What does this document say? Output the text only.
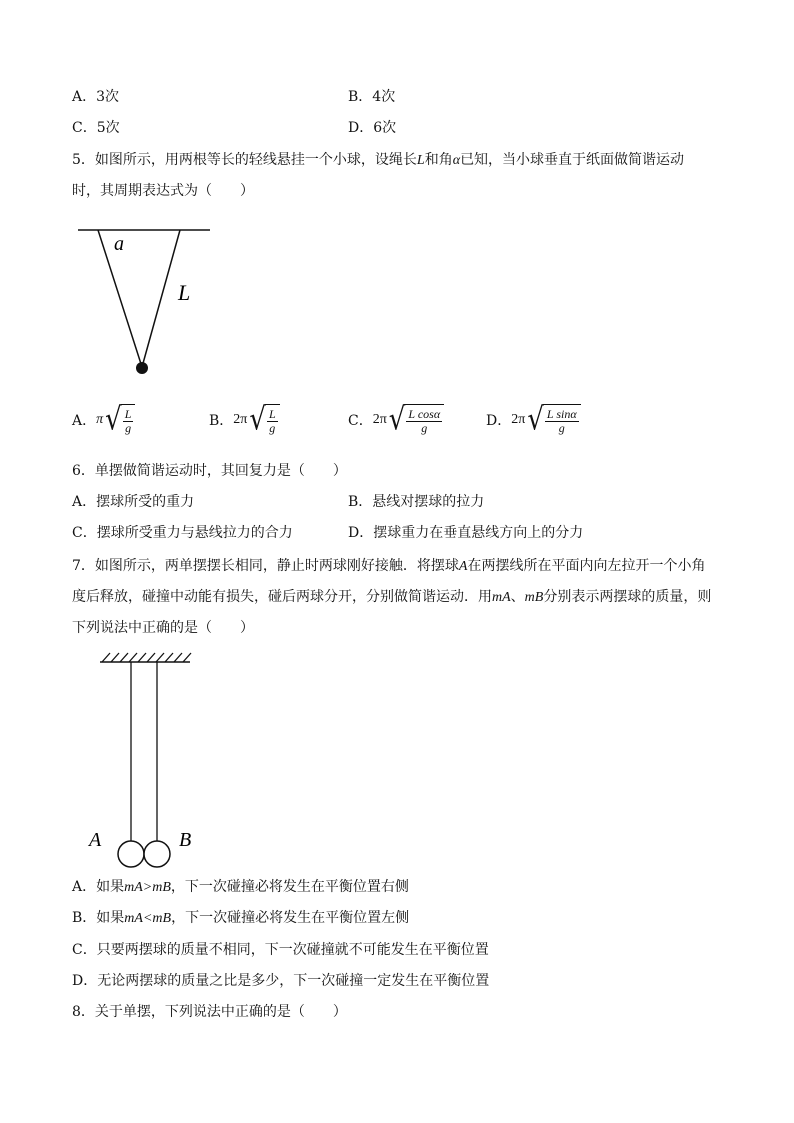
A．3次	B．4次
C．5次	D．6次
5．如图所示，用两根等长的轻线悬挂一个小球，设绳长L和角α已知，当小球垂直于纸面做简谐运动
时，其周期表达式为（　　）
a
L
A． π √ $\frac{L}{g}$	B． 2π √ $\frac{L}{g}$	C． 2π √ $\frac{\text{L cosα}}{g}$	D． 2π √ $\frac{\text{L sinα}}{g}$
6．单摆做简谐运动时，其回复力是（　　）
A．摆球所受的重力	B．悬线对摆球的拉力
C．摆球所受重力与悬线拉力的合力	D．摆球重力在垂直悬线方向上的分力
7．如图所示，两单摆摆长相同，静止时两球刚好接触．将摆球A在两摆线所在平面内向左拉开一个小角
度后释放，碰撞中动能有损失，碰后两球分开，分别做简谐运动．用mA、mB分别表示两摆球的质量，则
下列说法中正确的是（　　）
A	B
A．如果mA>mB，下一次碰撞必将发生在平衡位置右侧
B．如果mA<mB，下一次碰撞必将发生在平衡位置左侧
C．只要两摆球的质量不相同，下一次碰撞就不可能发生在平衡位置
D．无论两摆球的质量之比是多少，下一次碰撞一定发生在平衡位置
8．关于单摆，下列说法中正确的是（　　）
